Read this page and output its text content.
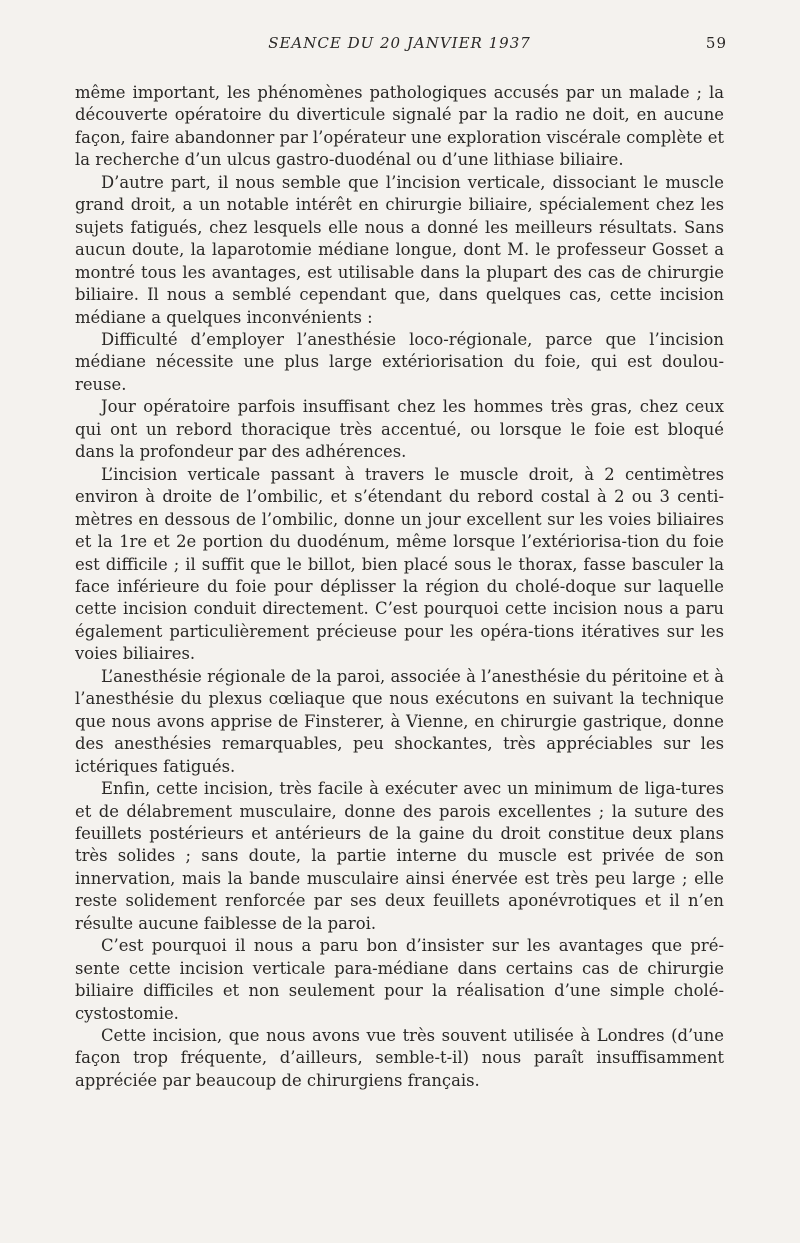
SEANCE DU 20 JANVIER 1937	59

même important, les phénomènes pathologiques accusés par un malade ; la découverte opératoire du diverticule signalé par la radio ne doit, en aucune façon, faire abandonner par l’opérateur une exploration viscérale complète et la recherche d’un ulcus gastro-duodénal ou d’une lithiase biliaire.

D’autre part, il nous semble que l’incision verticale, dissociant le muscle grand droit, a un notable intérêt en chirurgie biliaire, spécialement chez les sujets fatigués, chez lesquels elle nous a donné les meilleurs résultats. Sans aucun doute, la laparotomie médiane longue, dont M. le professeur Gosset a montré tous les avantages, est utilisable dans la plupart des cas de chirurgie biliaire. Il nous a semblé cependant que, dans quelques cas, cette incision médiane a quelques inconvénients :

Difficulté d’employer l’anesthésie loco-régionale, parce que l’incision médiane nécessite une plus large extériorisation du foie, qui est doulou-reuse.

Jour opératoire parfois insuffisant chez les hommes très gras, chez ceux qui ont un rebord thoracique très accentué, ou lorsque le foie est bloqué dans la profondeur par des adhérences.

L’incision verticale passant à travers le muscle droit, à 2 centimètres environ à droite de l’ombilic, et s’étendant du rebord costal à 2 ou 3 centi-mètres en dessous de l’ombilic, donne un jour excellent sur les voies biliaires et la 1re et 2e portion du duodénum, même lorsque l’extériorisa-tion du foie est difficile ; il suffit que le billot, bien placé sous le thorax, fasse basculer la face inférieure du foie pour déplisser la région du cholé-doque sur laquelle cette incision conduit directement. C’est pourquoi cette incision nous a paru également particulièrement précieuse pour les opéra-tions itératives sur les voies biliaires.

L’anesthésie régionale de la paroi, associée à l’anesthésie du péritoine et à l’anesthésie du plexus cœliaque que nous exécutons en suivant la technique que nous avons apprise de Finsterer, à Vienne, en chirurgie gastrique, donne des anesthésies remarquables, peu shockantes, très appréciables sur les ictériques fatigués.

Enfin, cette incision, très facile à exécuter avec un minimum de liga-tures et de délabrement musculaire, donne des parois excellentes ; la suture des feuillets postérieurs et antérieurs de la gaine du droit constitue deux plans très solides ; sans doute, la partie interne du muscle est privée de son innervation, mais la bande musculaire ainsi énervée est très peu large ; elle reste solidement renforcée par ses deux feuillets aponévrotiques et il n’en résulte aucune faiblesse de la paroi.

C’est pourquoi il nous a paru bon d’insister sur les avantages que pré-sente cette incision verticale para-médiane dans certains cas de chirurgie biliaire difficiles et non seulement pour la réalisation d’une simple cholé-cystostomie.

Cette incision, que nous avons vue très souvent utilisée à Londres (d’une façon trop fréquente, d’ailleurs, semble-t-il) nous paraît insuffisamment appréciée par beaucoup de chirurgiens français.
